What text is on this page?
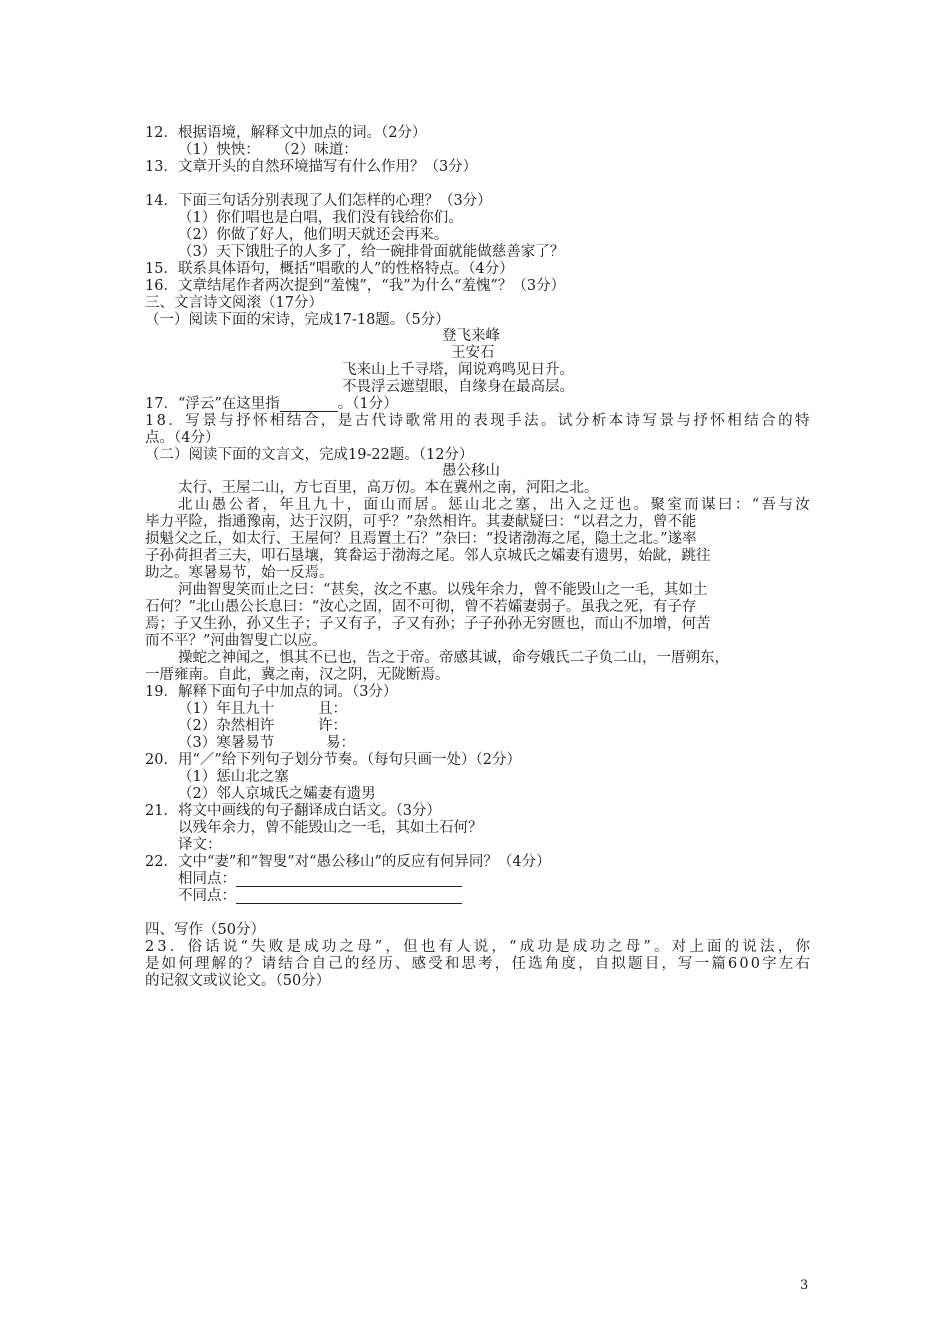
12．根据语境，解释文中加点的词。（2分）
（1）怏怏： （2）味道：
13．文章开头的自然环境描写有什么作用？（3分）
14．下面三句话分别表现了人们怎样的心理？（3分）
（1）你们唱也是白唱，我们没有钱给你们。
（2）你做了好人，他们明天就还会再来。
（3）天下饿肚子的人多了，给一碗排骨面就能做慈善家了？
15．联系具体语句，概括“唱歌的人”的性格特点。（4分）
16．文章结尾作者两次提到“羞愧”，“我”为什么“羞愧”？（3分）
三、文言诗文阅滚（17分）
（一）阅读下面的宋诗，完成17-18题。（5分）
登飞来峰
王安石
飞来山上千寻塔，闻说鸡鸣见日升。
不畏浮云遮望眼，自缘身在最高层。
17．“浮云”在这里指	。（1分）
1 8 ． 写 景 与 抒 怀 相 结 合 ， 是 古 代 诗 歌 常 用 的 表 现 手 法 。 试 分 析 本 诗 写 景 与 抒 怀 相 结 合 的 特
点。（4分）
（二）阅读下面的文言文，完成19-22题。（12分）
愚公移山
太行、王屋二山，方七百里，高万仞。本在冀州之南，河阳之北。
北 山 愚 公 者 ， 年 且 九 十 ， 面 山 而 居 。 惩 山 北 之 塞 ， 出 入 之 迂 也 。 聚 室 而 谋 曰 ： “ 吾 与 汝
毕力平险，指通豫南，达于汉阴，可乎？”杂然相许。其妻献疑曰：“以君之力，曾不能
损魁父之丘，如太行、王屋何？且焉置土石？”杂曰：“投诸渤海之尾，隐土之北。”遂率
子孙荷担者三夫，叩石垦壤，箕畚运于渤海之尾。邻人京城氏之孀妻有遗男，始龀，跳往
助之。寒暑易节，始一反焉。
河曲智叟笑而止之曰：“甚矣，汝之不惠。以残年余力，曾不能毁山之一毛，其如土
石何？”北山愚公长息曰：“汝心之固，固不可彻，曾不若孀妻弱子。虽我之死，有子存
焉；子又生孙，孙又生子；子又有子，子又有孙；子子孙孙无穷匮也，而山不加增，何苦
而不平？”河曲智叟亡以应。
操蛇之神闻之，惧其不已也，告之于帝。帝感其诚，命夸娥氏二子负二山，一厝朔东，
一厝雍南。自此，冀之南，汉之阴，无陇断焉。
19．解释下面句子中加点的词。（3分）
（1）年且九十	且：
（2）杂然相许	许：
（3）寒暑易节	易：
20．用“／”给下列句子划分节奏。（每句只画一处）（2分）
（1）惩山北之塞
（2）邻人京城氏之孀妻有遗男
21．将文中画线的句子翻译成白话文。（3分）
以残年余力，曾不能毁山之一毛，其如土石何？
译文：
22．文中“妻”和“智叟”对“愚公移山”的反应有何异同？（4分）
相同点：
不同点：
四、写作（50分）
2 3 ． 俗 话 说 “ 失 败 是 成 功 之 母 ” ， 但 也 有 人 说 ， “ 成 功 是 成 功 之 母 ” 。 对 上 面 的 说 法 ， 你
是 如 何 理 解 的 ？ 请 结 合 自 己 的 经 历 、 感 受 和 思 考 ， 任 选 角 度 ， 自 拟 题 目 ， 写 一 篇 6 0 0 字 左 右
的记叙文或议论文。（50分）
3
